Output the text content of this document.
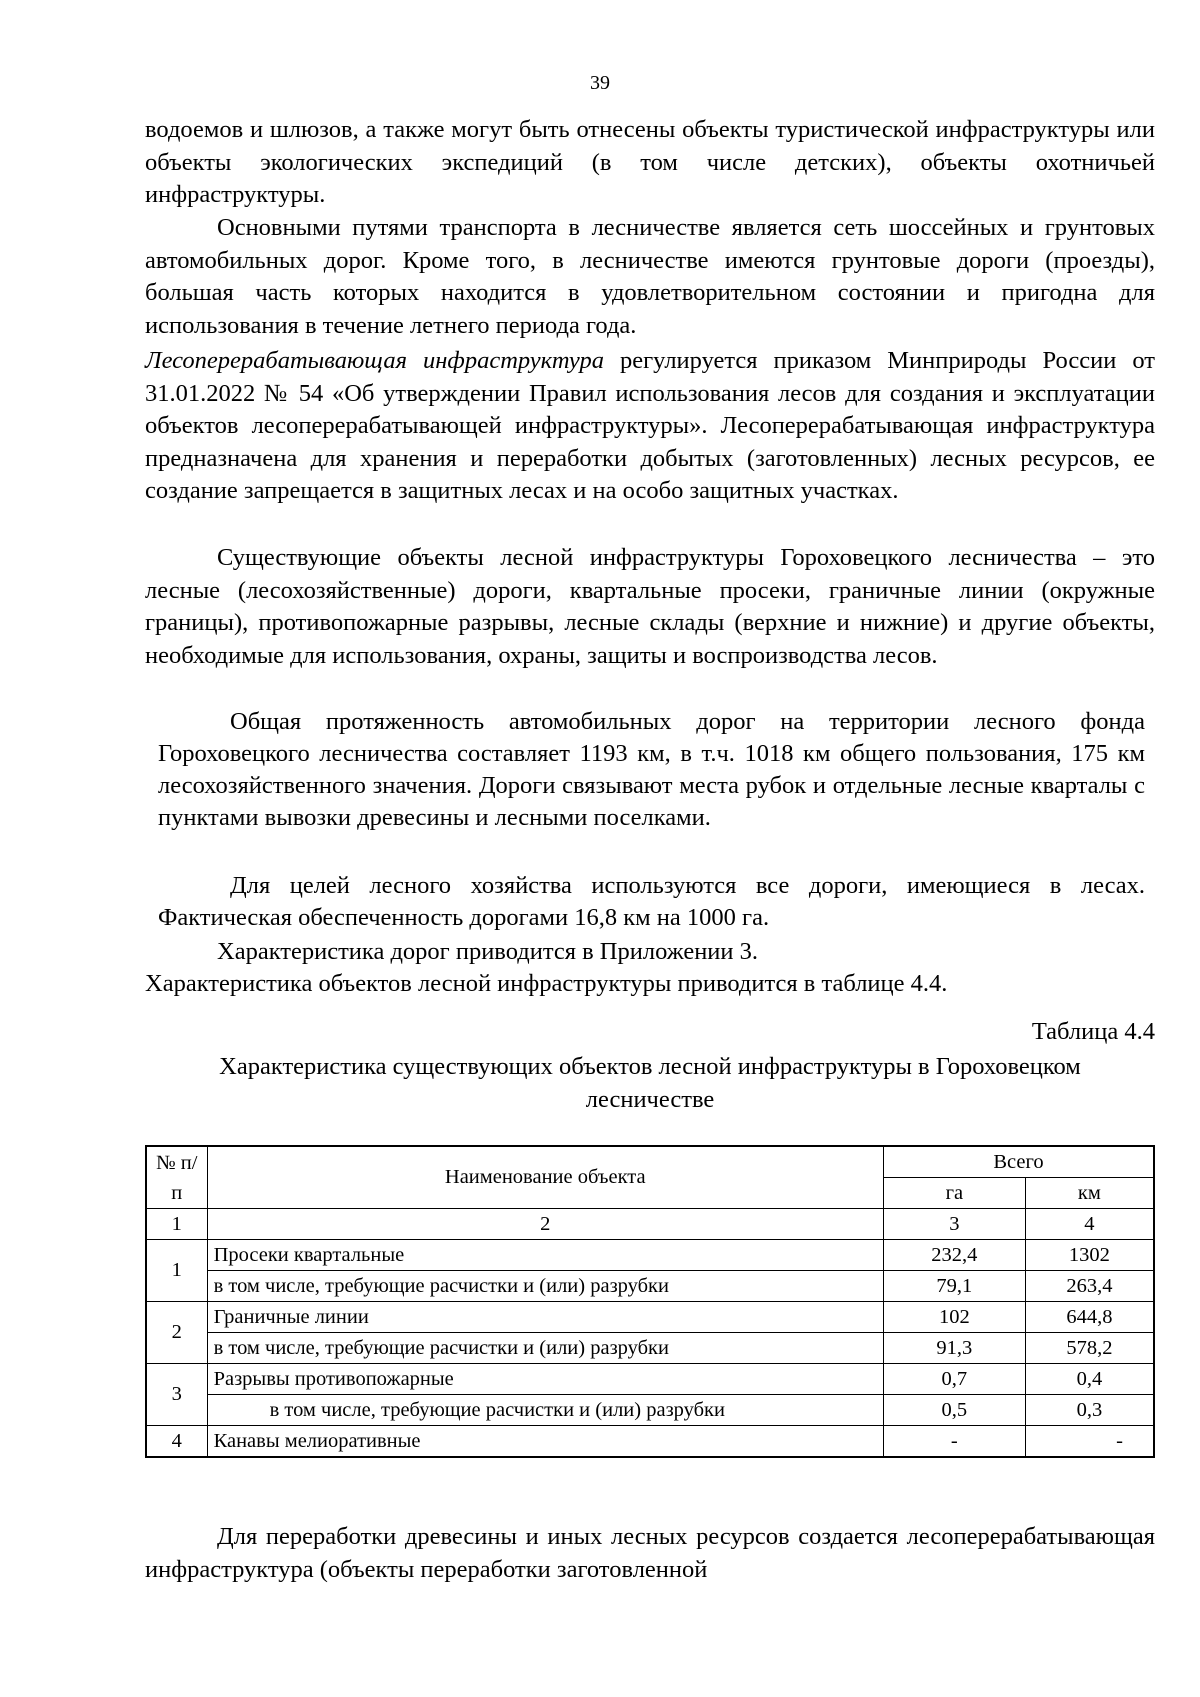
39

водоемов и шлюзов, а также могут быть отнесены объекты туристической инфраструктуры или объекты экологических экспедиций (в том числе детских), объекты охотничьей инфраструктуры.

Основными путями транспорта в лесничестве является сеть шоссейных и грунтовых автомобильных дорог. Кроме того, в лесничестве имеются грунтовые дороги (проезды), большая часть которых находится в удовлетворительном состоянии и пригодна для использования в течение летнего периода года.

Лесоперерабатывающая инфраструктура регулируется приказом Минприроды России от 31.01.2022 № 54 «Об утверждении Правил использования лесов для создания и эксплуатации объектов лесоперерабатывающей инфраструктуры». Лесоперерабатывающая инфраструктура предназначена для хранения и переработки добытых (заготовленных) лесных ресурсов, ее создание запрещается в защитных лесах и на особо защитных участках.

Существующие объекты лесной инфраструктуры Гороховецкого лесничества – это лесные (лесохозяйственные) дороги, квартальные просеки, граничные линии (окружные границы), противопожарные разрывы, лесные склады (верхние и нижние) и другие объекты, необходимые для использования, охраны, защиты и воспроизводства лесов.

Общая протяженность автомобильных дорог на территории лесного фонда Гороховецкого лесничества составляет 1193 км, в т.ч. 1018 км общего пользования, 175 км лесохозяйственного значения. Дороги связывают места рубок и отдельные лесные кварталы с пунктами вывозки древесины и лесными поселками.

Для целей лесного хозяйства используются все дороги, имеющиеся в лесах. Фактическая обеспеченность дорогами 16,8 км на 1000 га.

Характеристика дорог приводится в Приложении 3.

Характеристика объектов лесной инфраструктуры приводится в таблице 4.4.

Таблица 4.4
Характеристика существующих объектов лесной инфраструктуры в Гороховецком лесничестве
№ п/п	Наименование объекта	Всего	
		га	км
1	2	3	4
1	Просеки квартальные	232,4	1302
	в том числе, требующие расчистки и (или) разрубки	79,1	263,4
2	Граничные линии	102	644,8
	в том числе, требующие расчистки и (или) разрубки	91,3	578,2
3	Разрывы противопожарные	0,7	0,4
	в том числе, требующие расчистки и (или) разрубки	0,5	0,3
4	Канавы мелиоративные	-	-

Для переработки древесины и иных лесных ресурсов создается лесоперерабатывающая инфраструктура (объекты переработки заготовленной
